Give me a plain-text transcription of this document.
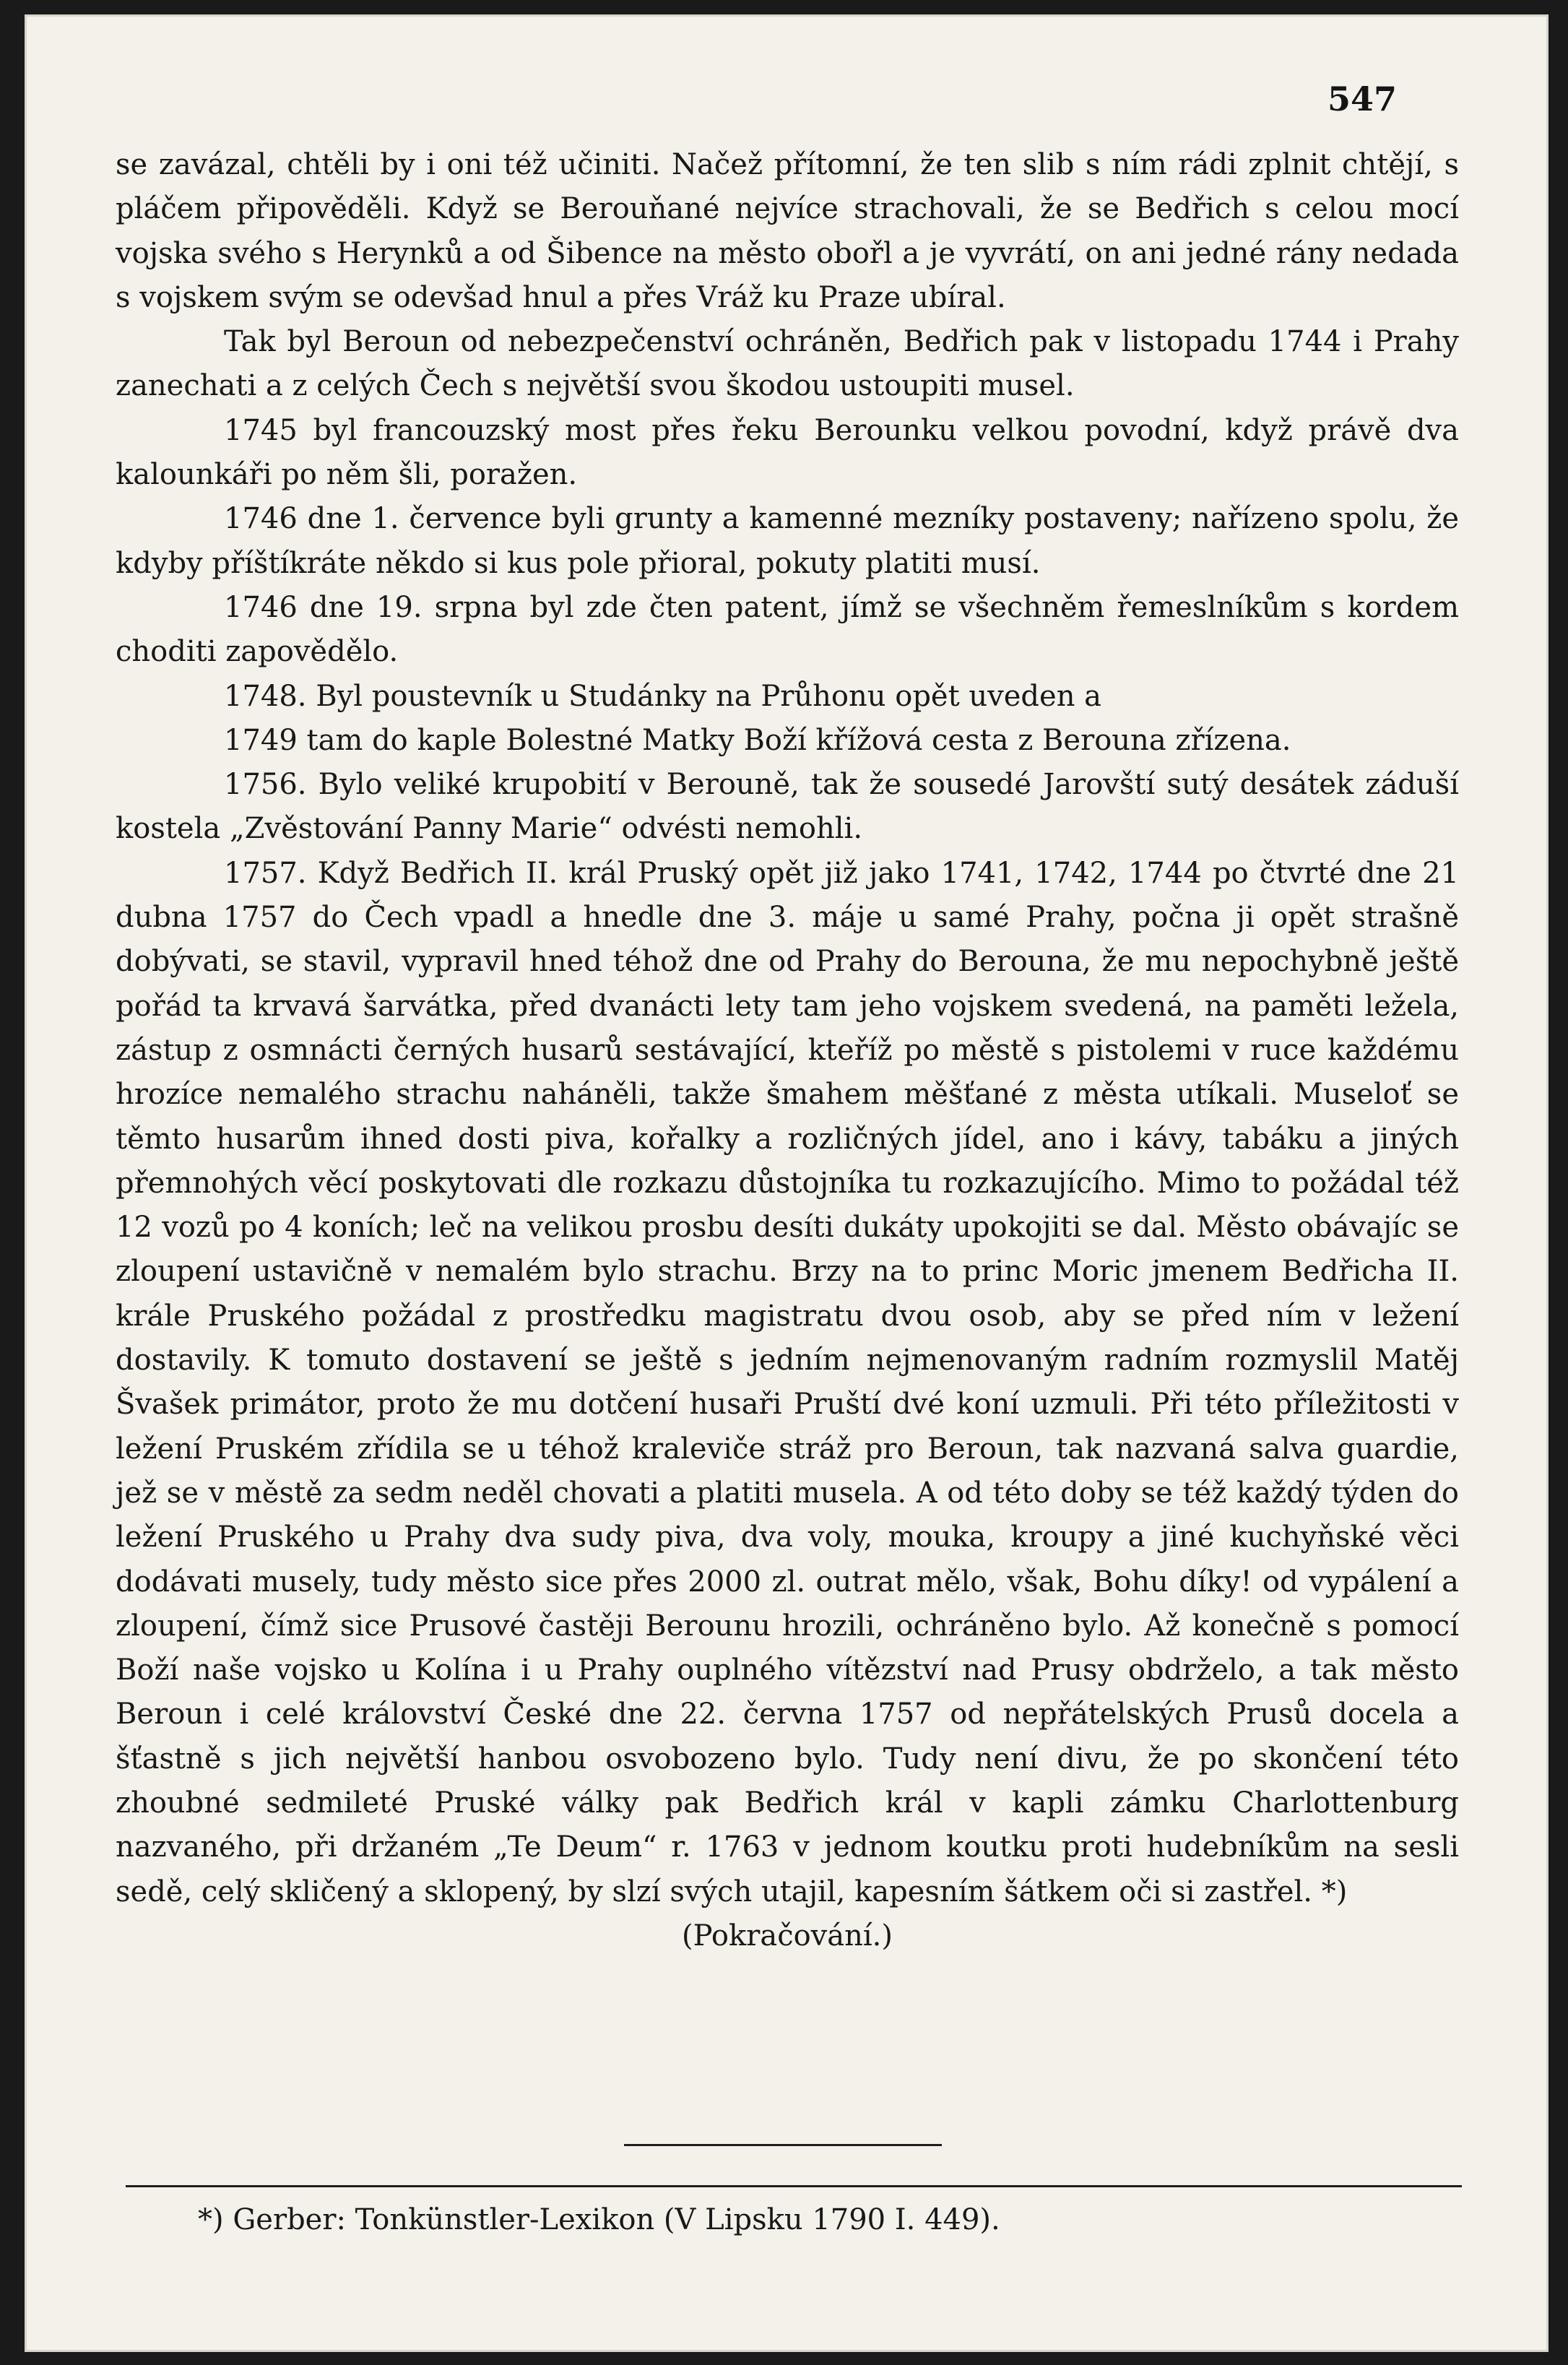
547

se zavázal, chtěli by i oni též učiniti. Načež přítomní, že ten slib s ním rádi zplnit chtějí, s pláčem připověděli. Když se Berouňané nejvíce strachovali, že se Bedřich s celou mocí vojska svého s Herynků a od Šibence na město obořl a je vyvrátí, on ani jedné rány nedada s vojskem svým se odevšad hnul a přes Vráž ku Praze ubíral.

Tak byl Beroun od nebezpečenství ochráněn, Bedřich pak v listopadu 1744 i Prahy zanechati a z celých Čech s největší svou škodou ustoupiti musel.

1745 byl francouzský most přes řeku Berounku velkou povodní, když právě dva kalounkáři po něm šli, poražen.

1746 dne 1. července byli grunty a kamenné mezníky postaveny; nařízeno spolu, že kdyby příštíkráte někdo si kus pole přioral, pokuty platiti musí.

1746 dne 19. srpna byl zde čten patent, jímž se všechněm řemeslníkům s kordem choditi zapovědělo.

1748. Byl poustevník u Studánky na Průhonu opět uveden a

1749 tam do kaple Bolestné Matky Boží křížová cesta z Berouna zřízena.

1756. Bylo veliké krupobití v Berouně, tak že sousedé Jarovští sutý desátek záduší kostela „Zvěstování Panny Marie“ odvésti nemohli.

1757. Když Bedřich II. král Pruský opět již jako 1741, 1742, 1744 po čtvrté dne 21 dubna 1757 do Čech vpadl a hnedle dne 3. máje u samé Prahy, počna ji opět strašně dobývati, se stavil, vypravil hned téhož dne od Prahy do Berouna, že mu nepochybně ještě pořád ta krvavá šarvátka, před dvanácti lety tam jeho vojskem svedená, na paměti ležela, zástup z osmnácti černých husarů sestávající, kteříž po městě s pistolemi v ruce každému hrozíce nemalého strachu naháněli, takže šmahem měšťané z města utíkali. Museloť se těmto husarům ihned dosti piva, kořalky a rozličných jídel, ano i kávy, tabáku a jiných přemnohých věcí poskytovati dle rozkazu důstojníka tu rozkazujícího. Mimo to požádal též 12 vozů po 4 koních; leč na velikou prosbu desíti dukáty upokojiti se dal. Město obávajíc se zloupení ustavičně v nemalém bylo strachu. Brzy na to princ Moric jmenem Bedřicha II. krále Pruského požádal z prostředku magistratu dvou osob, aby se před ním v ležení dostavily. K tomuto dostavení se ještě s jedním nejmenovaným radním rozmyslil Matěj Švašek primátor, proto že mu dotčení husaři Pruští dvé koní uzmuli. Při této příležitosti v ležení Pruském zřídila se u téhož kraleviče stráž pro Beroun, tak nazvaná salva guardie, jež se v městě za sedm neděl chovati a platiti musela. A od této doby se též každý týden do ležení Pruského u Prahy dva sudy piva, dva voly, mouka, kroupy a jiné kuchyňské věci dodávati musely, tudy město sice přes 2000 zl. outrat mělo, však, Bohu díky! od vypálení a zloupení, čímž sice Prusové častěji Berounu hrozili, ochráněno bylo. Až konečně s pomocí Boží naše vojsko u Kolína i u Prahy ouplného vítězství nad Prusy obdrželo, a tak město Beroun i celé království České dne 22. června 1757 od nepřátelských Prusů docela a šťastně s jich největší hanbou osvobozeno bylo. Tudy není divu, že po skončení této zhoubné sedmileté Pruské války pak Bedřich král v kapli zámku Charlottenburg nazvaného, při držaném „Te Deum“ r. 1763 v jednom koutku proti hudebníkům na sesli sedě, celý skličený a sklopený, by slzí svých utajil, kapesním šátkem oči si zastřel. *)

(Pokračování.)

*) Gerber: Tonkünstler-Lexikon (V Lipsku 1790 I. 449).
